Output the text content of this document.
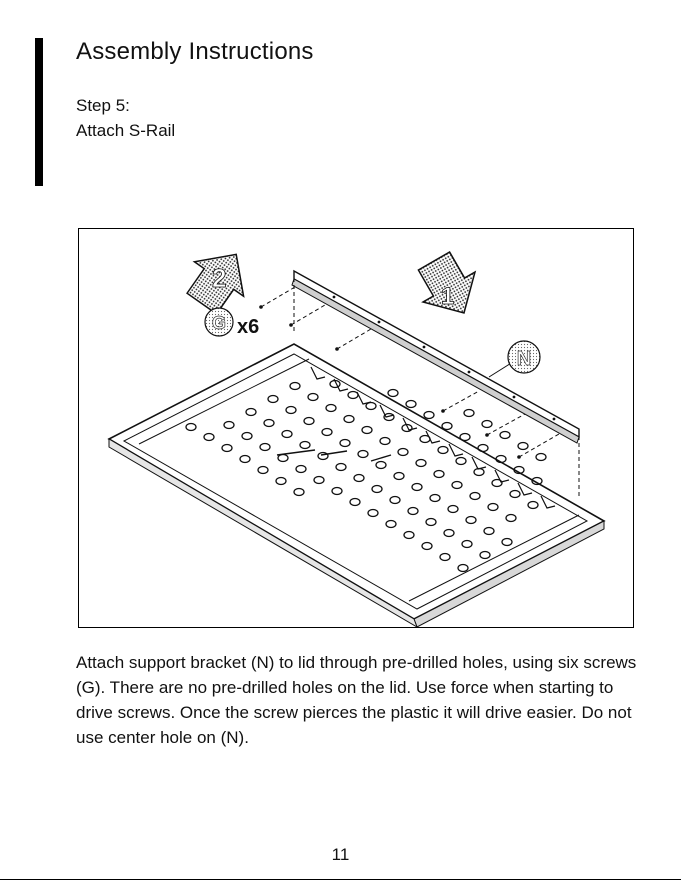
Assembly Instructions
Step 5:
Attach S-Rail
2
1
G x6
N

Attach support bracket (N) to lid through pre-drilled holes, using six screws (G). There are no pre-drilled holes on the lid. Use force when starting to drive screws. Once the screw pierces the plastic it will drive easier. Do not use center hole on (N).

11
